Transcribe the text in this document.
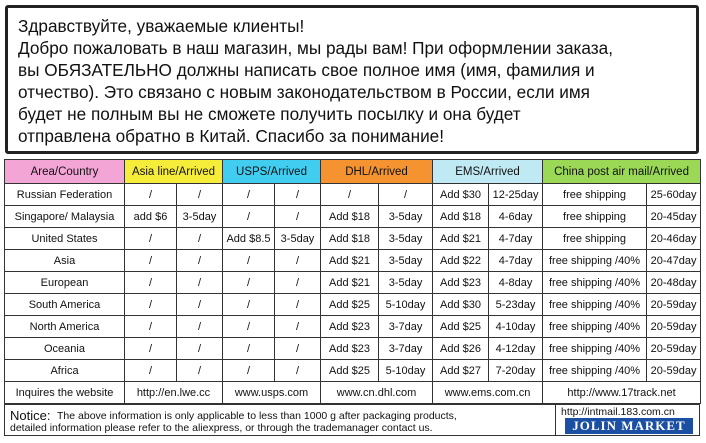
Здравствуйте, уважаемые клиенты!
Добро пожаловать в наш магазин, мы рады вам! При оформлении заказа,
вы ОБЯЗАТЕЛЬНО должны написать свое полное имя (имя, фамилия и
отчество). Это связано с новым законодательством в России, если имя
будет не полным вы не сможете получить посылку и она будет
отправлена обратно в Китай. Спасибо за понимание!
Area/Country	Asia line/Arrived		USPS/Arrived		DHL/Arrived		EMS/Arrived		China post air mail/Arrived	
Russian Federation	/	/	/	/	/	/	Add $30	12-25day	free shipping	25-60day
Singapore/ Malaysia	add $6	3-5day	/	/	Add $18	3-5day	Add $18	4-6day	free shipping	20-45day
United States	/	/	Add $8.5	3-5day	Add $18	3-5day	Add $21	4-7day	free shipping	20-46day
Asia	/	/	/	/	Add $21	3-5day	Add $22	4-7day	free shipping /40%	20-47day
European	/	/	/	/	Add $21	3-5day	Add $23	4-8day	free shipping /40%	20-48day
South America	/	/	/	/	Add $25	5-10day	Add $30	5-23day	free shipping /40%	20-59day
North America	/	/	/	/	Add $23	3-7day	Add $25	4-10day	free shipping /40%	20-59day
Oceania	/	/	/	/	Add $23	3-7day	Add $26	4-12day	free shipping /40%	20-59day
Africa	/	/	/	/	Add $25	5-10day	Add $27	7-20day	free shipping /40%	20-59day
Inquires the website	http://en.lwe.cc		www.usps.com		www.cn.dhl.com		www.ems.com.cn		http://www.17track.net	
Notice: The above information is only applicable to less than 1000 g after packaging products,
detailed information please refer to the aliexpress, or through the trademanager contact us.
http://intmail.183.com.cn
JOLIN MARKET
